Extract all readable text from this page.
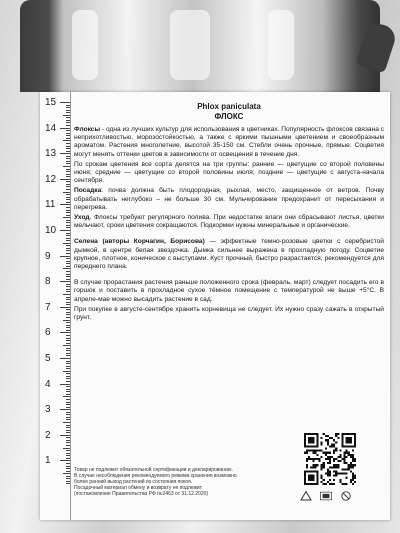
15
14
13
12
11
10
9
8
7
6
5
4
3
2
1
Phlox paniculata
ФЛОКС

Флоксы - одна из лучших культур для использования в цветниках. Популярность флоксов связана с неприхотливостью, морозостойкостью, а также с яркими пышными цветением и своеобразным ароматом. Растения многолетние, высотой 35-150 см. Стебли очень прочные, прямые. Соцветия могут менять оттенки цветов в зависимости от освещения в течение дня.

По срокам цветения все сорта делятся на три группы: ранние — цветущие со второй половины июня; средние — цветущие со второй половины июля; поздние — цветущие с августа-начала сентября.

Посадка: почва должна быть плодородная, рыхлая, место, защищенное от ветров. Почву обрабатывать неглубоко – не больше 30 см. Мульчирование предохранит от пересыхания и перегрева.

Уход. Флоксы требуют регулярного полива. При недостатке влаги они сбрасывают листья, цветки мельчают, сроки цветения сокращаются. Подкормки нужны минеральные и органические.

Селена (авторы Корчагин, Борисова) — эффектные темно-розовые цветки с серебристой дымкой, в центре белая звездочка. Дымка сильнее выражена в прохладную погоду. Соцветие крупное, плотное, коническое с выступами. Куст прочный, быстро разрастается, рекомендуется для переднего плана.

В случае прорастания растения раньше положенного срока (февраль, март) следует посадить его в горшок и поставить в прохладное сухое тёмное помещение с температурой не выше +5°С. В апреле-мае можно высадить растение в сад.

При покупке в августе-сентябре хранить корневища не следует. Их нужно сразу сажать в открытый грунт.

Товар не подлежит обязательной сертификации и декларированию.
В случае несоблюдения рекомендуемого режима хранения возможно
более ранний выход растений из состояния покоя.
Посадочный материал обмену и возврату не подлежит
(постановление Правительства РФ №2463 от 31.12.2020)
